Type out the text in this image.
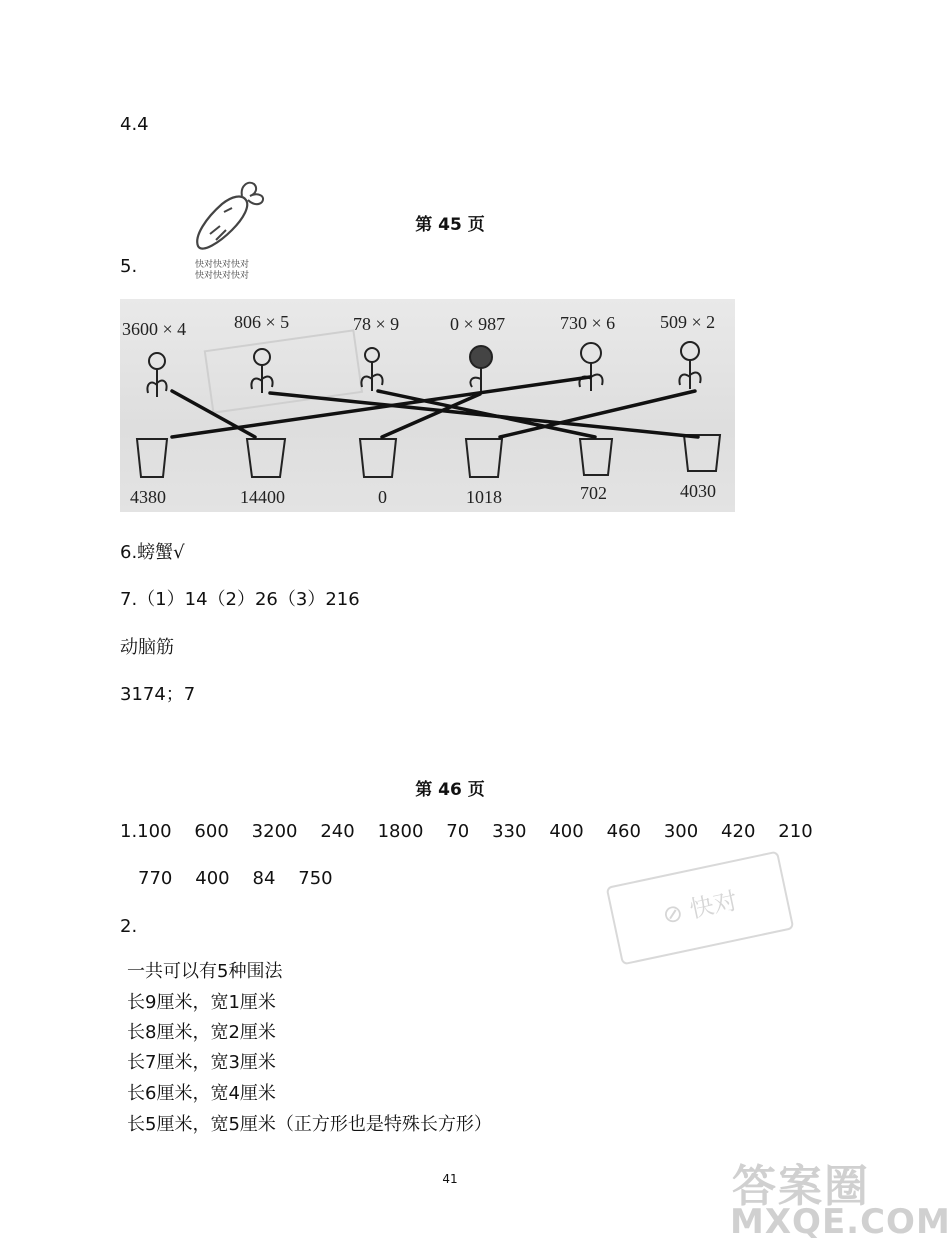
4.4
快对快对快对
快对快对快对
第 45 页
5.
3600 × 4	806 × 5	78 × 9	0 × 987	730 × 6 509 × 2
4380	14400	0	1018	702	4030
6.螃蟹√
7.（1）14（2）26（3）216
动脑筋
3174；7
第 46 页
1.100    600    3200    240    1800    70    330    400    460    300    420    210
770    400    84    750
⊘ 快对
2.
一共可以有5种围法
长9厘米，宽1厘米
长8厘米，宽2厘米
长7厘米，宽3厘米
长6厘米，宽4厘米
长5厘米，宽5厘米（正方形也是特殊长方形）
41	答案圈
MXQE.COM
